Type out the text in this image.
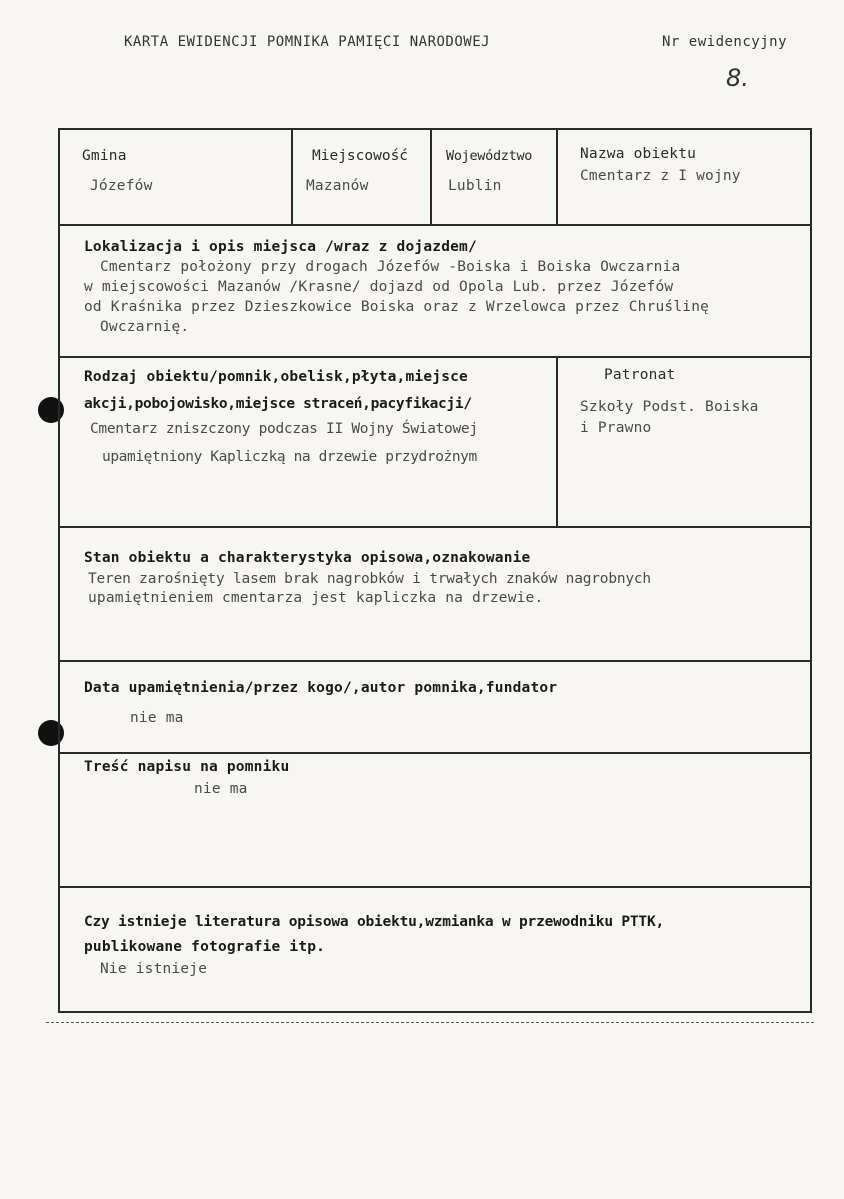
KARTA EWIDENCJI POMNIKA PAMIĘCI NARODOWEJ	Nr ewidencyjny
8.
Gmina
Józefów
Miejscowość
Mazanów
Województwo
Lublin
Nazwa obiektu
Cmentarz z I wojny
Lokalizacja i opis miejsca /wraz z dojazdem/
Cmentarz położony przy drogach Józefów -Boiska i Boiska Owczarnia
w miejscowości Mazanów /Krasne/ dojazd od Opola Lub. przez Józefów
od Kraśnika przez Dzieszkowice Boiska oraz z Wrzelowca przez Chruślinę
Owczarnię.
Rodzaj obiektu/pomnik,obelisk,płyta,miejsce
akcji,pobojowisko,miejsce straceń,pacyfikacji/
Cmentarz zniszczony podczas II Wojny Światowej
upamiętniony Kapliczką na drzewie przydrożnym
Patronat
Szkoły Podst. Boiska
i Prawno
Stan obiektu a charakterystyka opisowa,oznakowanie
Teren zarośnięty lasem brak nagrobków i trwałych znaków nagrobnych
upamiętnieniem cmentarza jest kapliczka na drzewie.
Data upamiętnienia/przez kogo/,autor pomnika,fundator
nie ma
Treść napisu na pomniku
nie ma
Czy istnieje literatura opisowa obiektu,wzmianka w przewodniku PTTK,
publikowane fotografie itp.
Nie istnieje
